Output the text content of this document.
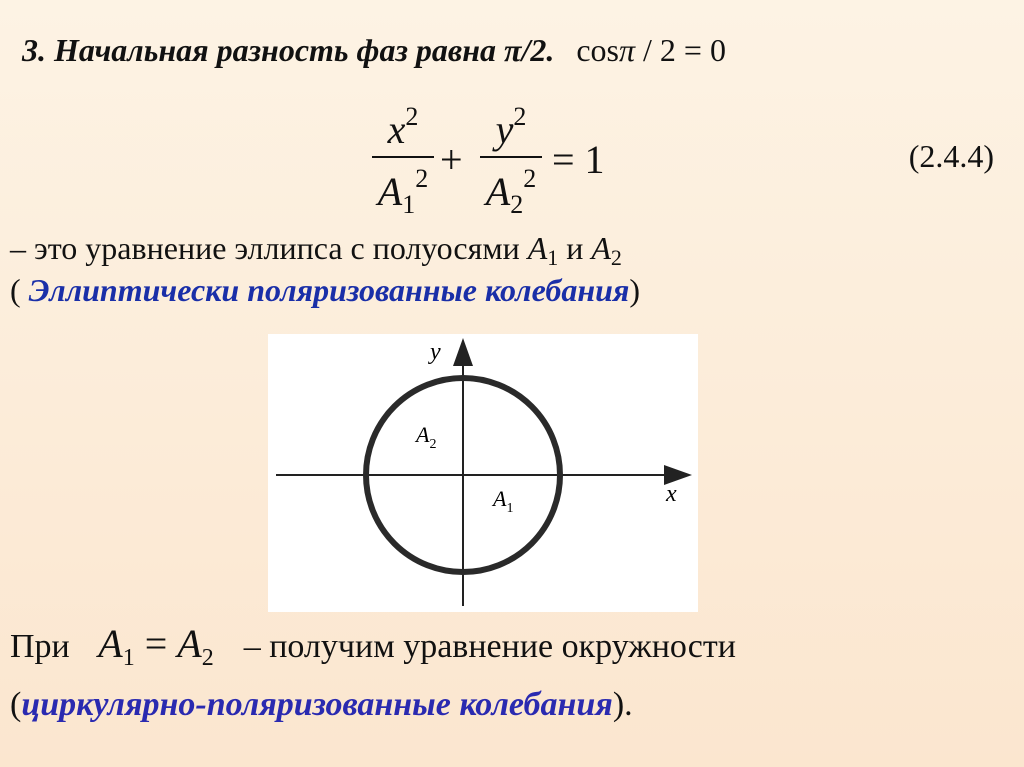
3. Начальная разность фаз равна π/2. cosπ / 2 = 0
$x^2$
$A_1^2$ +
$y^2$
$A_2^2 = 1$	(2.4.4)
– это уравнение эллипса с полуосями $A_1$ и $A_2$
( Эллиптически поляризованные колебания)
y
x
$A_2$
$A_1$
При $A_1 = A_2$ – получим уравнение окружности
(циркулярно-поляризованные колебания).
